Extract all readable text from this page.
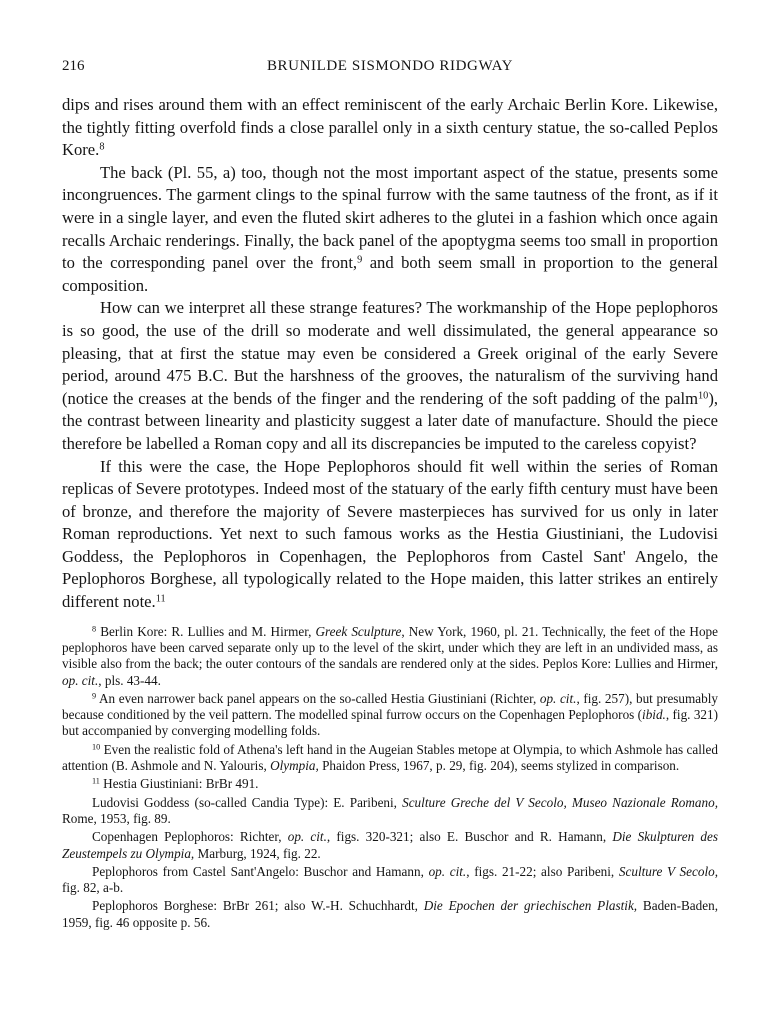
216	BRUNILDE SISMONDO RIDGWAY

dips and rises around them with an effect reminiscent of the early Archaic Berlin Kore. Likewise, the tightly fitting overfold finds a close parallel only in a sixth century statue, the so-called Peplos Kore.$^8$

The back (Pl. 55, a) too, though not the most important aspect of the statue, presents some incongruences. The garment clings to the spinal furrow with the same tautness of the front, as if it were in a single layer, and even the fluted skirt adheres to the glutei in a fashion which once again recalls Archaic renderings. Finally, the back panel of the apoptygma seems too small in proportion to the corresponding panel over the front,$^9$ and both seem small in proportion to the general composition.

How can we interpret all these strange features? The workmanship of the Hope peplophoros is so good, the use of the drill so moderate and well dissimulated, the general appearance so pleasing, that at first the statue may even be considered a Greek original of the early Severe period, around 475 B.C. But the harshness of the grooves, the naturalism of the surviving hand (notice the creases at the bends of the finger and the rendering of the soft padding of the palm$^{10}$), the contrast between linearity and plasticity suggest a later date of manufacture. Should the piece therefore be labelled a Roman copy and all its discrepancies be imputed to the careless copyist?

If this were the case, the Hope Peplophoros should fit well within the series of Roman replicas of Severe prototypes. Indeed most of the statuary of the early fifth century must have been of bronze, and therefore the majority of Severe masterpieces has survived for us only in later Roman reproductions. Yet next to such famous works as the Hestia Giustiniani, the Ludovisi Goddess, the Peplophoros in Copenhagen, the Peplophoros from Castel Sant' Angelo, the Peplophoros Borghese, all typologically related to the Hope maiden, this latter strikes an entirely different note.$^{11}$

$^8$ Berlin Kore: R. Lullies and M. Hirmer, Greek Sculpture, New York, 1960, pl. 21. Technically, the feet of the Hope peplophoros have been carved separate only up to the level of the skirt, under which they are left in an undivided mass, as visible also from the back; the outer contours of the sandals are rendered only at the sides. Peplos Kore: Lullies and Hirmer, op. cit., pls. 43-44.

$^9$ An even narrower back panel appears on the so-called Hestia Giustiniani (Richter, op. cit., fig. 257), but presumably because conditioned by the veil pattern. The modelled spinal furrow occurs on the Copenhagen Peplophoros (ibid., fig. 321) but accompanied by converging modelling folds.

$^{10}$ Even the realistic fold of Athena's left hand in the Augeian Stables metope at Olympia, to which Ashmole has called attention (B. Ashmole and N. Yalouris, Olympia, Phaidon Press, 1967, p. 29, fig. 204), seems stylized in comparison.

$^{11}$ Hestia Giustiniani: BrBr 491.

Ludovisi Goddess (so-called Candia Type): E. Paribeni, Sculture Greche del V Secolo, Museo Nazionale Romano, Rome, 1953, fig. 89.

Copenhagen Peplophoros: Richter, op. cit., figs. 320-321; also E. Buschor and R. Hamann, Die Skulpturen des Zeustempels zu Olympia, Marburg, 1924, fig. 22.

Peplophoros from Castel Sant'Angelo: Buschor and Hamann, op. cit., figs. 21-22; also Paribeni, Sculture V Secolo, fig. 82, a-b.

Peplophoros Borghese: BrBr 261; also W.-H. Schuchhardt, Die Epochen der griechischen Plastik, Baden-Baden, 1959, fig. 46 opposite p. 56.
